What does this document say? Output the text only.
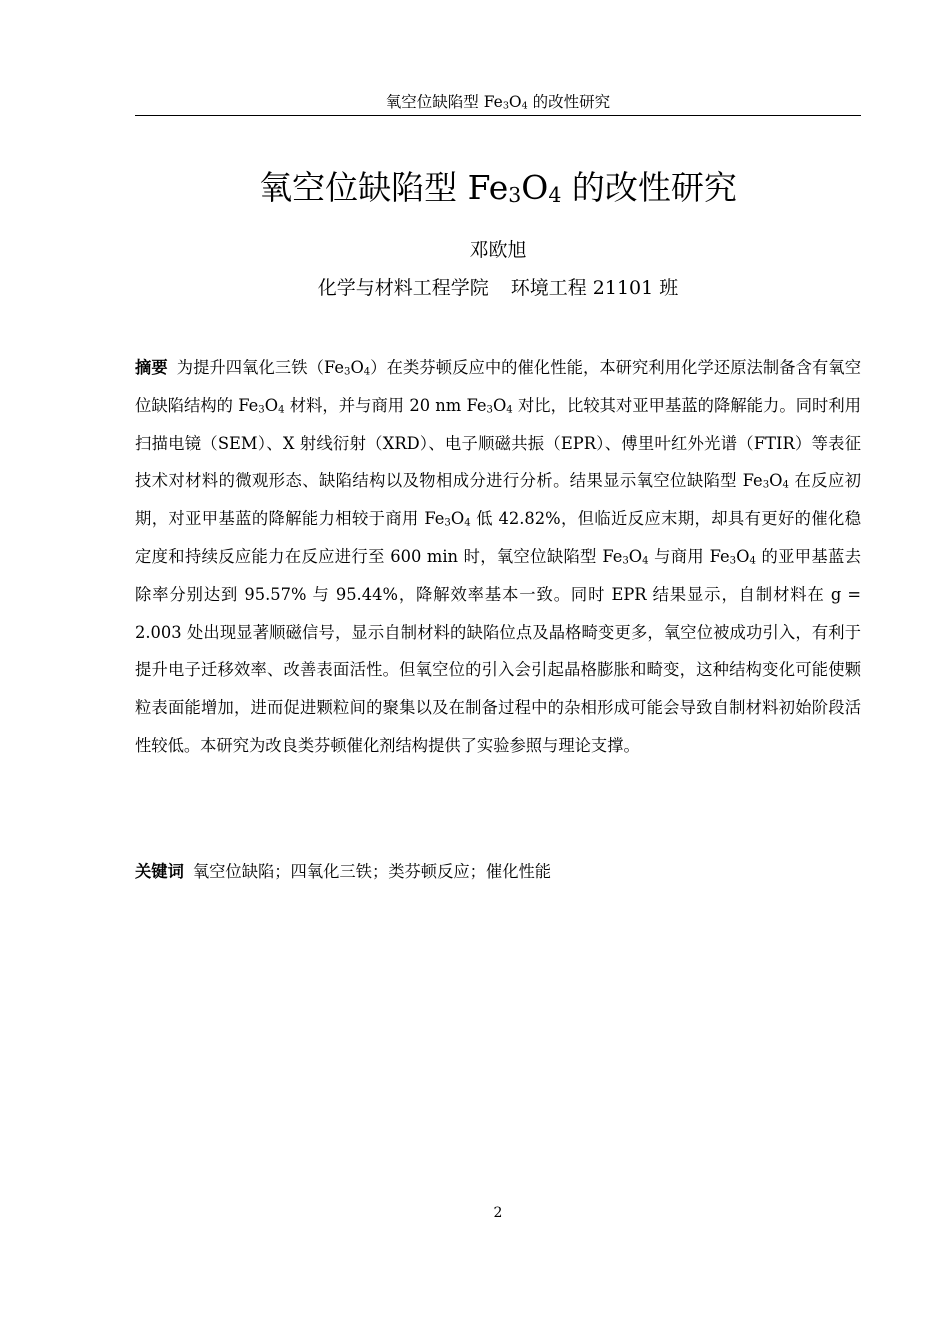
氧空位缺陷型 $Fe_3O_4$ 的改性研究
氧空位缺陷型 $Fe_3O_4$ 的改性研究
邓欧旭
化学与材料工程学院 环境工程 21101 班

摘要 为提升四氧化三铁$(Fe_3O_4)$在类芬顿反应中的催化性能，本研究利用化学还原法制备含有氧空位缺陷结构的 $Fe_3O_4$ 材料，并与商用 20 nm $Fe_3O_4$ 对比，比较其对亚甲基蓝的降解能力。同时利用扫描电镜（SEM）、X 射线衍射（XRD）、电子顺磁共振（EPR）、傅里叶红外光谱（FTIR）等表征技术对材料的微观形态、缺陷结构以及物相成分进行分析。结果显示氧空位缺陷型 $Fe_3O_4$ 在反应初期，对亚甲基蓝的降解能力相较于商用 $Fe_3O_4$ 低 42.82%，但临近反应末期，却具有更好的催化稳定度和持续反应能力在反应进行至 600 min 时，氧空位缺陷型 $Fe_3O_4$ 与商用 $Fe_3O_4$ 的亚甲基蓝去除率分别达到 95.57% 与 95.44%，降解效率基本一致。同时 EPR 结果显示，自制材料在 g = 2.003 处出现显著顺磁信号，显示自制材料的缺陷位点及晶格畸变更多，氧空位被成功引入，有利于提升电子迁移效率、改善表面活性。但氧空位的引入会引起晶格膨胀和畸变，这种结构变化可能使颗粒表面能增加，进而促进颗粒间的聚集以及在制备过程中的杂相形成可能会导致自制材料初始阶段活性较低。本研究为改良类芬顿催化剂结构提供了实验参照与理论支撑。

关键词 氧空位缺陷；四氧化三铁；类芬顿反应；催化性能

2
